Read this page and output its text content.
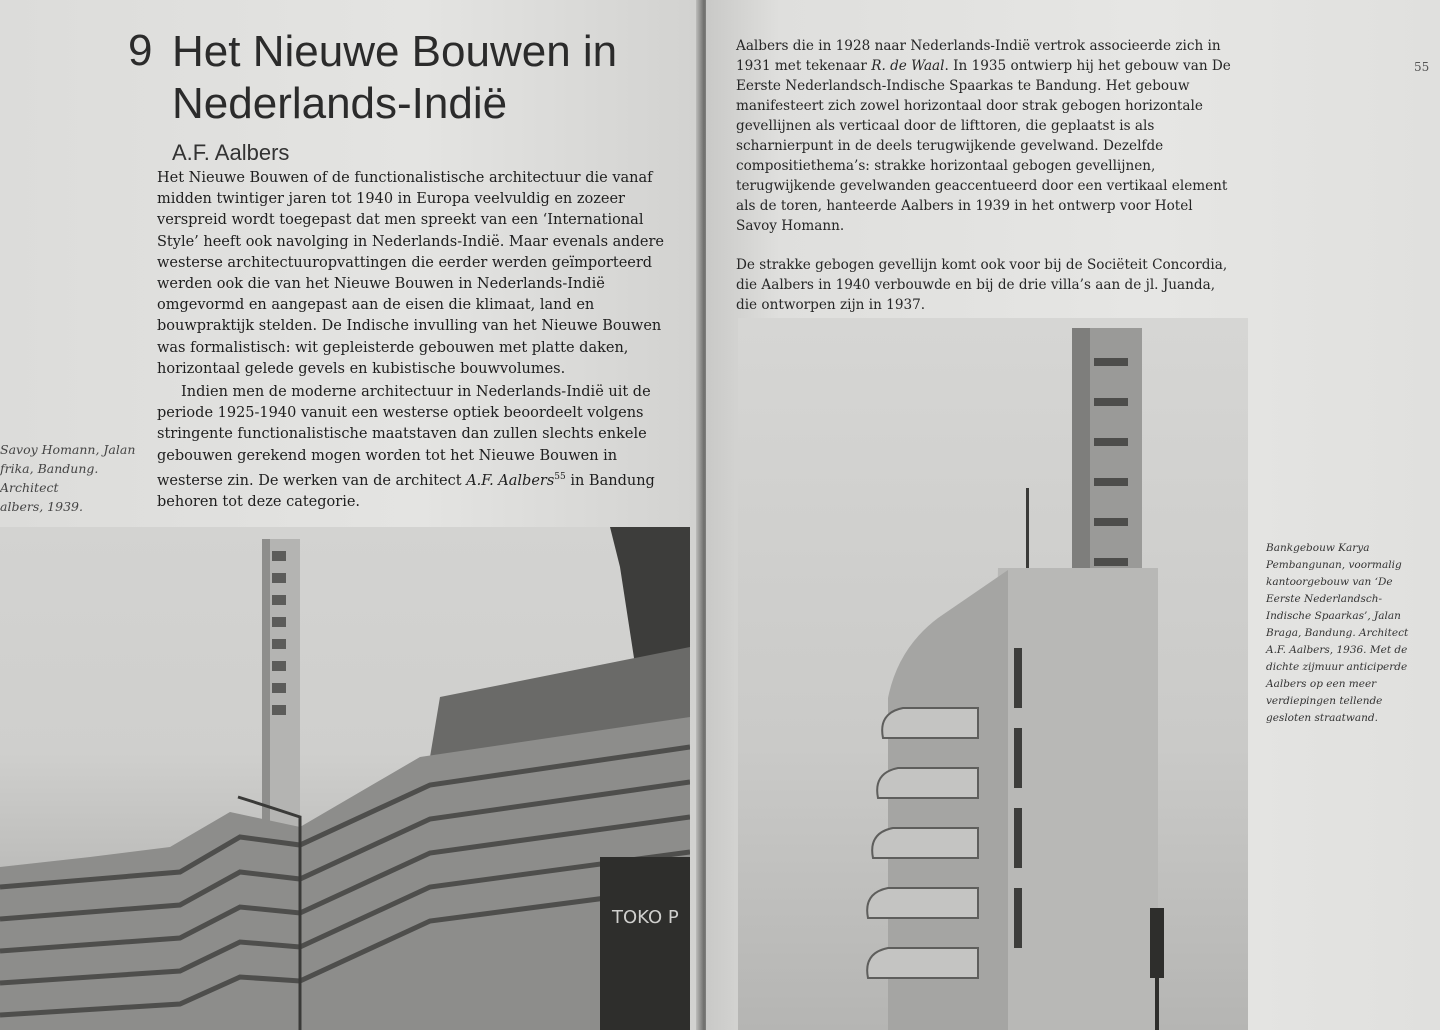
9 Het Nieuwe Bouwen in
Nederlands-Indië
A.F. Aalbers

Het Nieuwe Bouwen of de functionalistische architectuur die vanaf midden twintiger jaren tot 1940 in Europa veelvuldig en zozeer verspreid wordt toegepast dat men spreekt van een ‘International Style’ heeft ook navolging in Nederlands-Indië. Maar evenals andere westerse architectuuropvattingen die eerder werden geïmporteerd werden ook die van het Nieuwe Bouwen in Nederlands-Indië omgevormd en aangepast aan de eisen die klimaat, land en bouwpraktijk stelden. De Indische invulling van het Nieuwe Bouwen was formalistisch: wit gepleisterde gebouwen met platte daken, horizontaal gelede gevels en kubistische bouwvolumes.

Indien men de moderne architectuur in Nederlands-Indië uit de periode 1925-1940 vanuit een westerse optiek beoordeelt volgens stringente functionalistische maatstaven dan zullen slechts enkele gebouwen gerekend mogen worden tot het Nieuwe Bouwen in westerse zin. De werken van de architect A.F. Aalbers$^{55}$ in Bandung behoren tot deze categorie.

Savoy Homann, Jalan
frika, Bandung. Architect
albers, 1939.
TOKO P

Aalbers die in 1928 naar Nederlands-Indië vertrok associeerde zich in 1931 met tekenaar R. de Waal. In 1935 ontwierp hij het gebouw van De Eerste Nederlandsch-Indische Spaarkas te Bandung. Het gebouw manifesteert zich zowel horizontaal door strak gebogen horizontale gevellijnen als verticaal door de lifttoren, die geplaatst is als scharnierpunt in de deels terugwijkende gevelwand. Dezelfde compositiethema’s: strakke horizontaal gebogen gevellijnen, terugwijkende gevelwanden geaccentueerd door een vertikaal element als de toren, hanteerde Aalbers in 1939 in het ontwerp voor Hotel Savoy Homann.

De strakke gebogen gevellijn komt ook voor bij de Sociëteit Concordia, die Aalbers in 1940 verbouwde en bij de drie villa’s aan de jl. Juanda, die ontworpen zijn in 1937.

55
Bankgebouw Karya Pembangunan, voormalig kantoorgebouw van ‘De Eerste Nederlandsch-Indische Spaarkas’, Jalan Braga, Bandung. Architect A.F. Aalbers, 1936. Met de dichte zijmuur anticiperde Aalbers op een meer verdiepingen tellende gesloten straatwand.
